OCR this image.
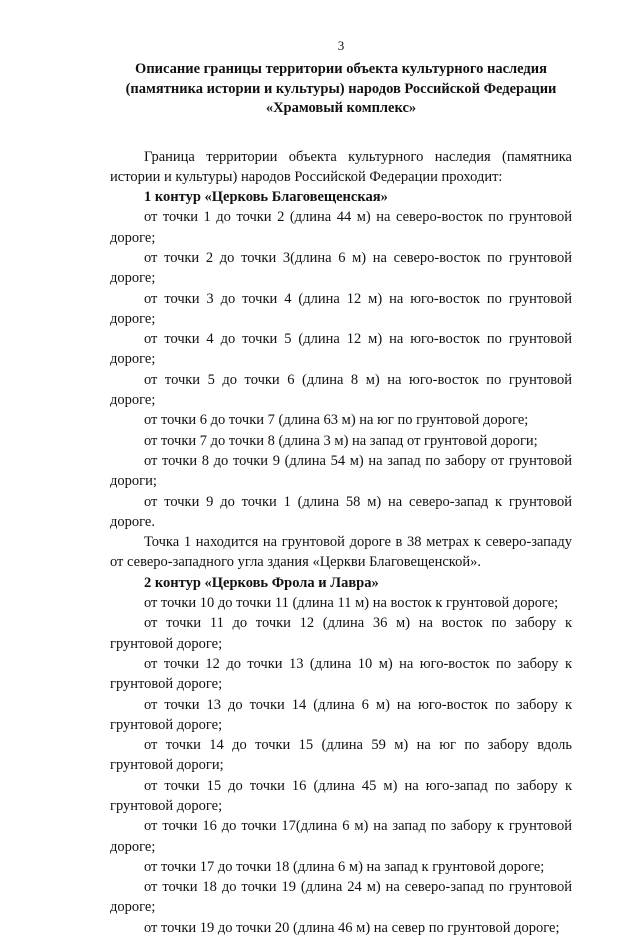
3
Описание границы территории объекта культурного наследия
(памятника истории и культуры) народов Российской Федерации
«Храмовый комплекс»

Граница территории объекта культурного наследия (памятника истории и культуры) народов Российской Федерации проходит:

1 контур «Церковь Благовещенская»

от точки 1 до точки 2 (длина 44 м) на северо-восток по грунтовой дороге;

от точки 2 до точки 3(длина 6 м) на северо-восток по грунтовой дороге;

от точки 3 до точки 4 (длина 12 м) на юго-восток по грунтовой дороге;

от точки 4 до точки 5 (длина 12 м) на юго-восток по грунтовой дороге;

от точки 5 до точки 6 (длина 8 м) на юго-восток по грунтовой дороге;

от точки 6 до точки 7 (длина 63 м) на юг по грунтовой дороге;

от точки 7 до точки 8 (длина 3 м) на запад от грунтовой дороги;

от точки 8 до точки 9 (длина 54 м) на запад по забору от грунтовой дороги;

от точки 9 до точки 1 (длина 58 м) на северо-запад к грунтовой дороге.

Точка 1 находится на грунтовой дороге в 38 метрах к северо-западу от северо-западного угла здания «Церкви Благовещенской».

2 контур «Церковь Фрола и Лавра»

от точки 10 до точки 11 (длина 11 м) на восток к грунтовой дороге;

от точки 11 до точки 12 (длина 36 м) на восток по забору к грунтовой дороге;

от точки 12 до точки 13 (длина 10 м) на юго-восток по забору к грунтовой дороге;

от точки 13 до точки 14 (длина 6 м) на юго-восток по забору к грунтовой дороге;

от точки 14 до точки 15 (длина 59 м) на юг по забору вдоль грунтовой дороги;

от точки 15 до точки 16 (длина 45 м) на юго-запад по забору к грунтовой дороге;

от точки 16 до точки 17(длина 6 м) на запад по забору к грунтовой дороге;

от точки 17 до точки 18 (длина 6 м) на запад к грунтовой дороге;

от точки 18 до точки 19 (длина 24 м) на северо-запад по грунтовой дороге;

от точки 19 до точки 20 (длина 46 м) на север по грунтовой дороге;
